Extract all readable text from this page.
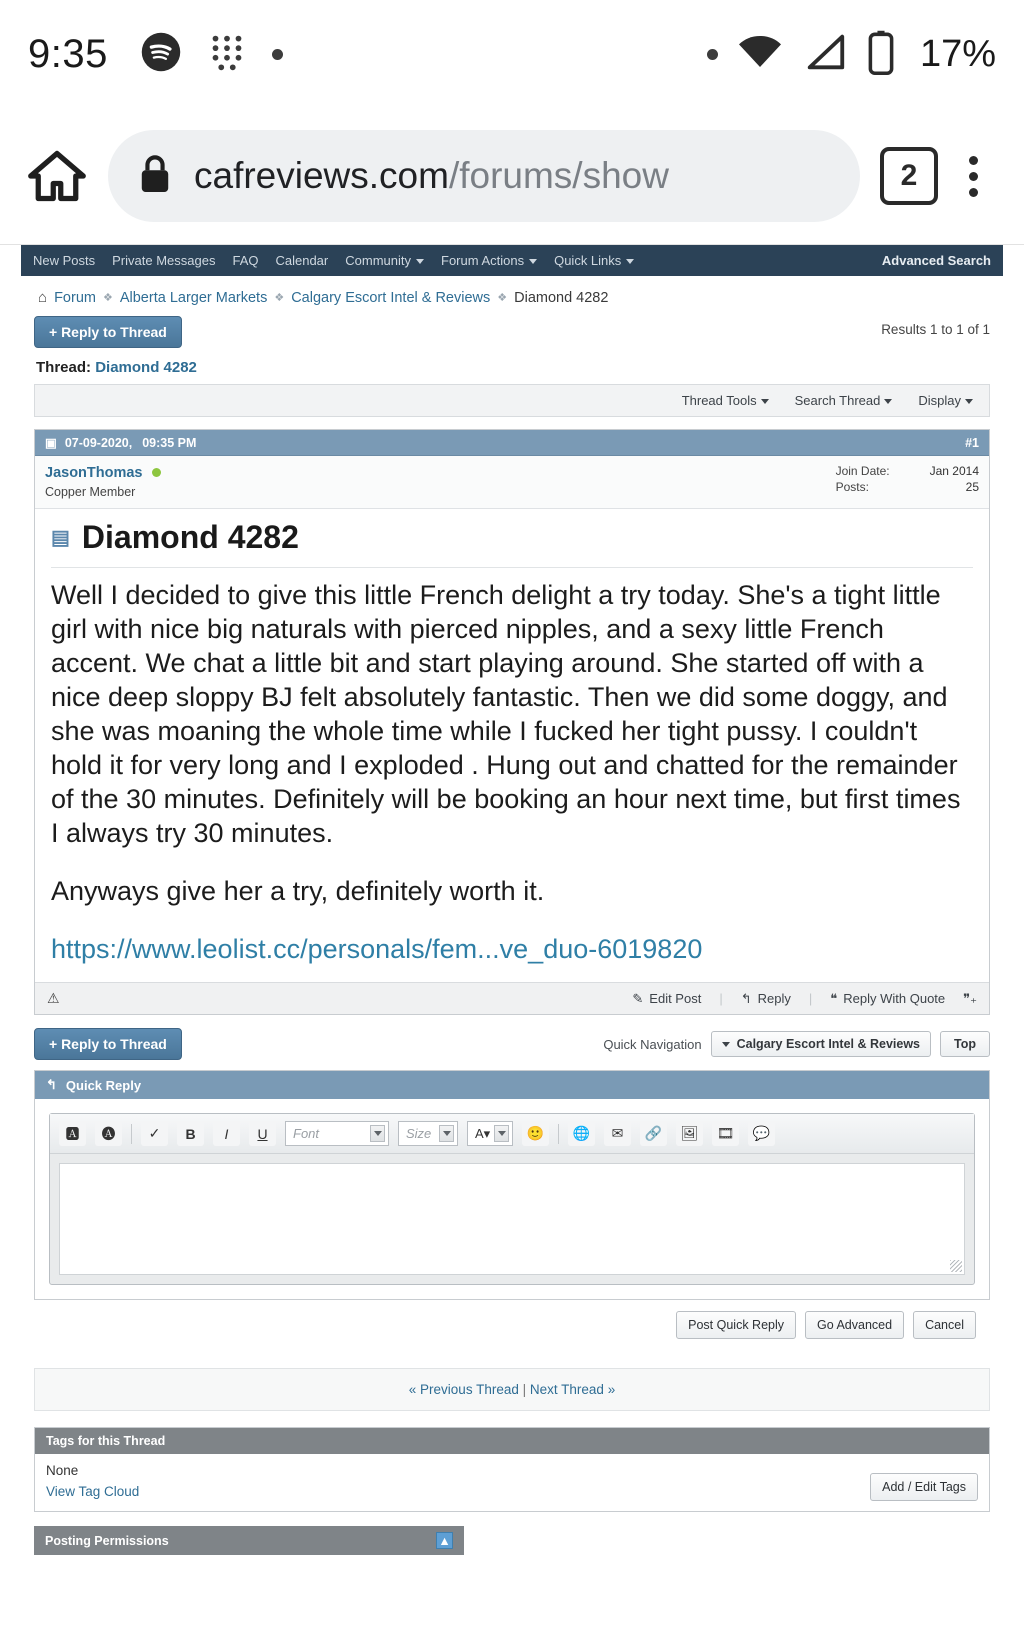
9:35	17%
cafreviews.com/forums/show	2
New Posts Private Messages FAQ Calendar Community	Forum Actions	Quick Links	Advanced Search
⌂ Forum ❖ Alberta Larger Markets ❖ Calgary Escort Intel & Reviews ❖ Diamond 4282
+ Reply to Thread	Results 1 to 1 of 1
Thread: Diamond 4282
Thread Tools	Search Thread	Display
▣ 07-09-2020, 09:35 PM	#1
JasonThomas
Copper Member
Join Date:	Jan 2014
Posts:	25
▤ Diamond 4282

Well I decided to give this little French delight a try today. She's a tight little girl with nice big naturals with pierced nipples, and a sexy little French accent. We chat a little bit and start playing around. She started off with a nice deep sloppy BJ felt absolutely fantastic. Then we did some doggy, and she was moaning the whole time while I fucked her tight pussy. I couldn't hold it for very long and I exploded . Hung out and chatted for the remainder of the 30 minutes. Definitely will be booking an hour next time, but first times I always try 30 minutes.

Anyways give her a try, definitely worth it.

https://www.leolist.cc/personals/fem...ve_duo-6019820
⚠	✎ Edit Post | ↰ Reply | ❝ Reply With Quote ❞₊
+ Reply to Thread	Quick Navigation	Calgary Escort Intel & Reviews	Top
↰ Quick Reply
🅰	🅐	✓	B I U Font	Size	A▾	🙂	🌐	✉	🔗	🖼	🎞	💬
Post Quick Reply	Go Advanced	Cancel
« Previous Thread | Next Thread »
Tags for this Thread
None
View Tag Cloud	Add / Edit Tags
Posting Permissions	▲
